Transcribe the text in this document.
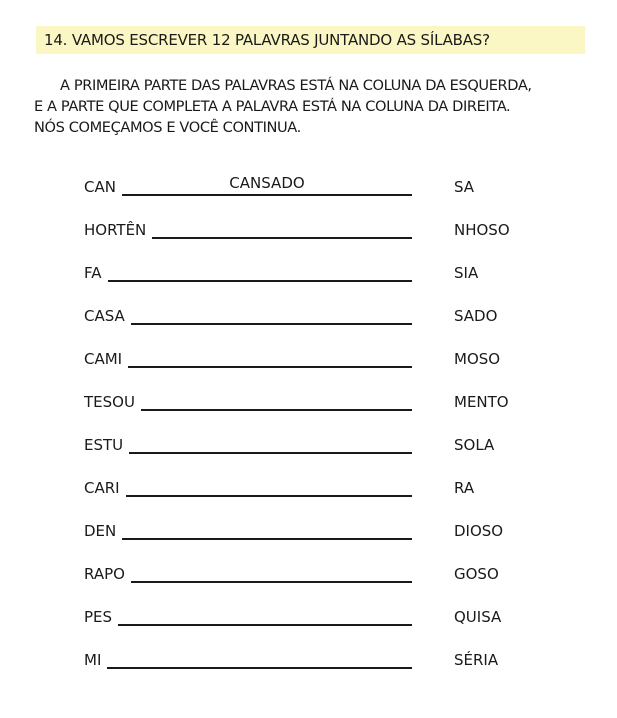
14. VAMOS ESCREVER 12 PALAVRAS JUNTANDO AS SÍLABAS?

A PRIMEIRA PARTE DAS PALAVRAS ESTÁ NA COLUNA DA ESQUERDA,

E A PARTE QUE COMPLETA A PALAVRA ESTÁ NA COLUNA DA DIREITA.

NÓS COMEÇAMOS E VOCÊ CONTINUA.

CANSADO
CAN	SA
HORTÊN	NHOSO
FA	SIA
CASA	SADO
CAMI	MOSO
TESOU	MENTO
ESTU	SOLA
CARI	RA
DEN	DIOSO
RAPO	GOSO
PES	QUISA
MI	SÉRIA
